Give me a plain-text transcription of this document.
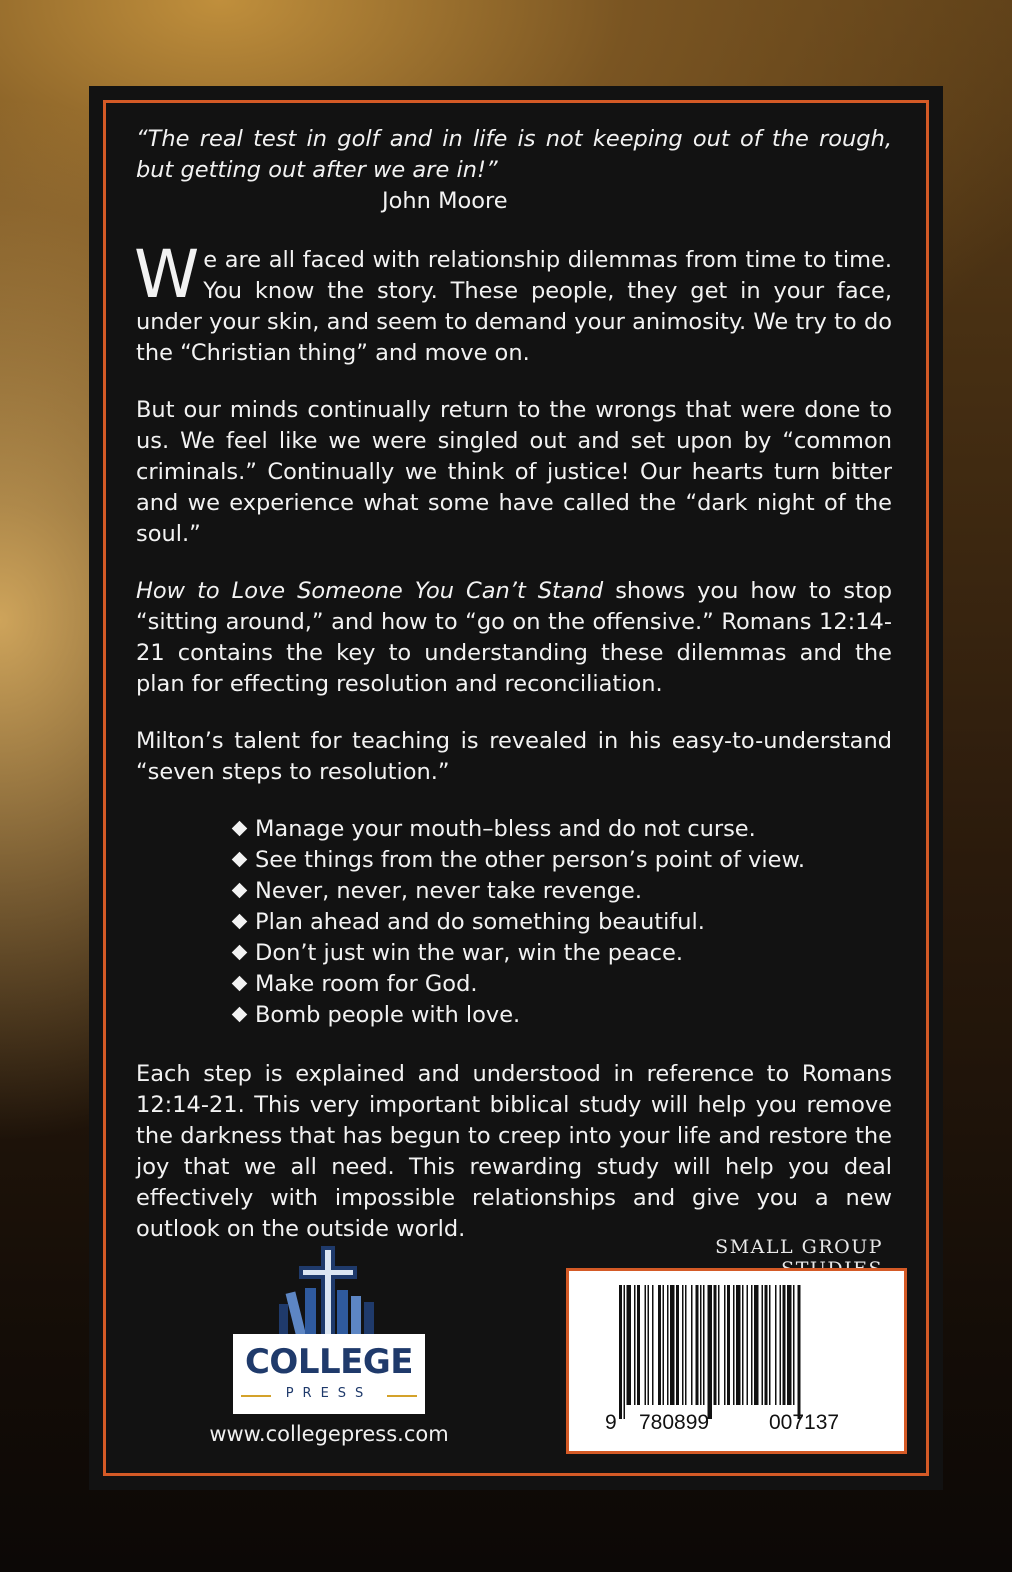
“The real test in golf and in life is not keeping out of the rough, but getting out after we are in!”

John Moore

We are all faced with relationship dilemmas from time to time. You know the story. These people, they get in your face, under your skin, and seem to demand your animosity. We try to do the “Christian thing” and move on.

But our minds continually return to the wrongs that were done to us. We feel like we were singled out and set upon by “common criminals.” Continually we think of justice! Our hearts turn bitter and we experience what some have called the “dark night of the soul.”

How to Love Someone You Can’t Stand shows you how to stop “sitting around,” and how to “go on the offensive.” Romans 12:14-21 contains the key to understanding these dilemmas and the plan for effecting resolution and reconciliation.

Milton’s talent for teaching is revealed in his easy-to-understand “seven steps to resolution.”

Manage your mouth–bless and do not curse.
See things from the other person’s point of view.
Never, never, never take revenge.
Plan ahead and do something beautiful.
Don’t just win the war, win the peace.
Make room for God.
Bomb people with love.

Each step is explained and understood in reference to Romans 12:14-21. This very important biblical study will help you remove the darkness that has begun to creep into your life and restore the joy that we all need. This rewarding study will help you deal effectively with impossible relationships and give you a new outlook on the outside world.

SMALL GROUP
9 780899	007137
COLLEGE
PRESS
www.collegepress.com
